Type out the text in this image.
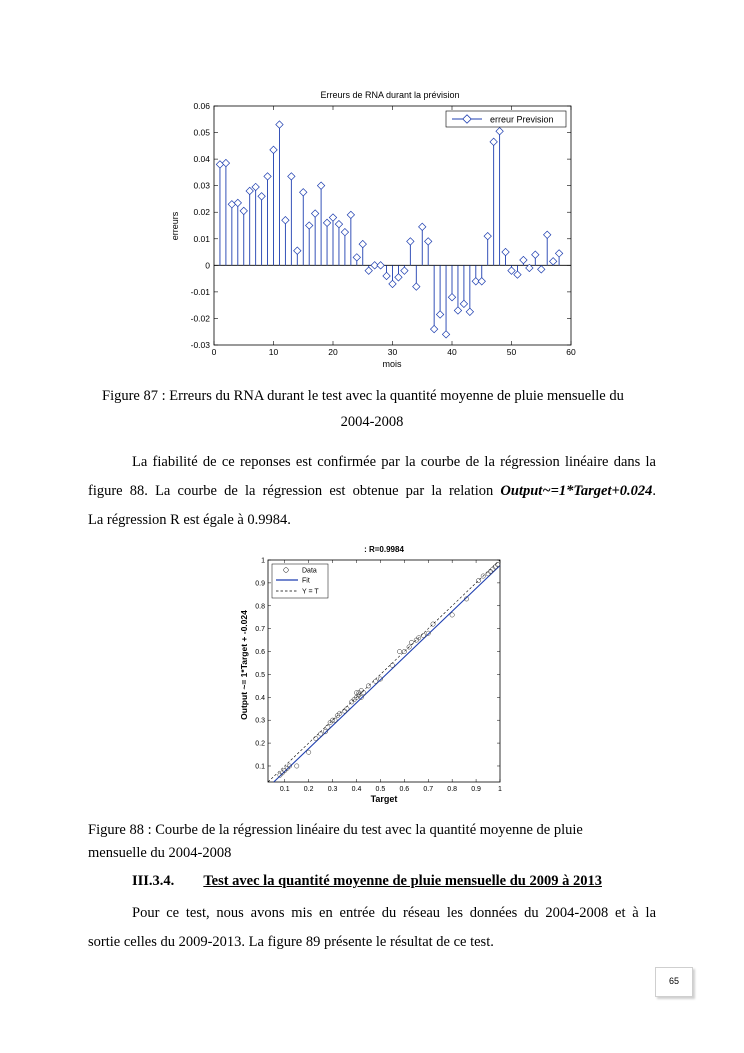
Erreurs de RNA durant la prévision
-0.03
-0.02
-0.01
0
0.01
0.02
0.03
0.04
0.05
0.06
0	10	20	30	40	50	60
erreurs
mois
erreur Prevision
Figure 87 : Erreurs du RNA durant le test avec la quantité moyenne de pluie mensuelle du
2004-2008
La fiabilité de ce reponses est confirmée par la courbe de la régression linéaire dans la
figure 88. La courbe de la régression est obtenue par la relation Output~=1*Target+0.024.
La régression R est égale à 0.9984.
: R=0.9984
0.1 0.2 0.3 0.4 0.5 0.6 0.7 0.8 0.9 1
0.1
0.2
0.3
0.4
0.5
0.6
0.7
0.8
0.9
1
Output ~= 1*Target + -0.024
Target
Data
Fit
Y = T
Figure 88 : Courbe de la régression linéaire du test avec la quantité moyenne de pluie
mensuelle du 2004-2008
III.3.4. Test avec la quantité moyenne de pluie mensuelle du 2009 à 2013
Pour ce test, nous avons mis en entrée du réseau les données du 2004-2008 et à la
sortie celles du 2009-2013. La figure 89 présente le résultat de ce test.
65
